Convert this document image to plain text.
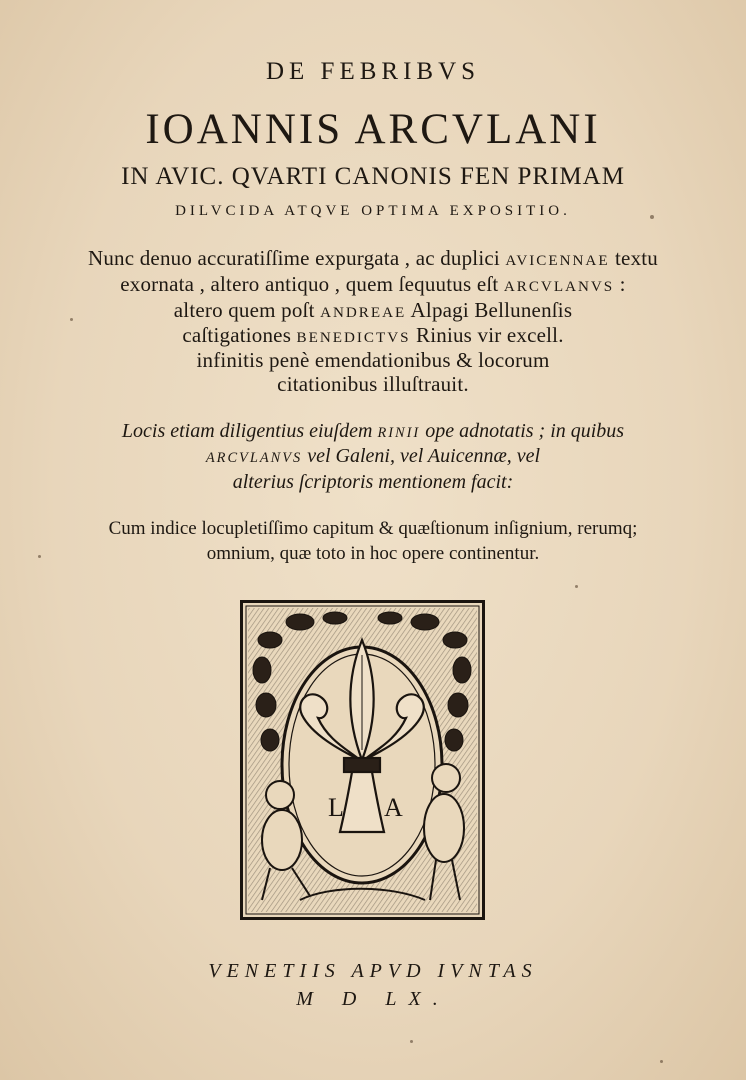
DE FEBRIBVS
IOANNIS ARCVLANI
IN AVIC. QVARTI CANONIS FEN PRIMAM
DILVCIDA ATQVE OPTIMA EXPOSITIO.
Nunc denuo accuratiſſime expurgata , ac duplici AVICENNAE textu
exornata , altero antiquo , quem ſequutus eſt ARCVLANVS :
altero quem poſt ANDREAE Alpagi Bellunenſis
caſtigationes BENEDICTVS Rinius vir excell.
infinitis penè emendationibus & locorum
citationibus illuſtrauit.
Locis etiam diligentius eiuſdem RINII ope adnotatis ; in quibus
ARCVLANVS vel Galeni, vel Auicennæ, vel
alterius ſcriptoris mentionem facit:
Cum indice locupletiſſimo capitum & quæſtionum inſignium, rerumq;
omnium, quæ toto in hoc opere continentur.
L A
VENETIIS APVD IVNTAS
M D LX.
